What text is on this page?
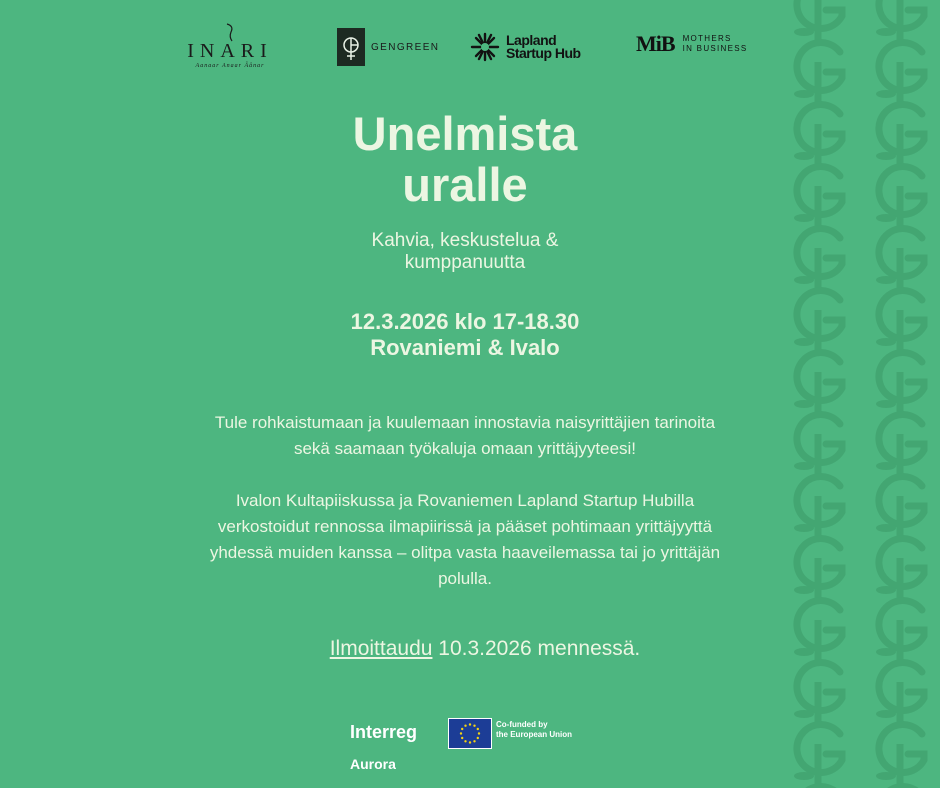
INARI
Aanaar Anaar Âânar
GENGREEN	Lapland
Startup Hub	MiB MOTHERS
IN BUSINESS
Unelmista
uralle
Kahvia, keskustelua &
kumppanuutta
12.3.2026 klo 17-18.30
Rovaniemi & Ivalo
Tule rohkaistumaan ja kuulemaan innostavia naisyrittäjien tarinoita
sekä saamaan työkaluja omaan yrittäjyyteesi!
Ivalon Kultapiiskussa ja Rovaniemen Lapland Startup Hubilla
verkostoidut rennossa ilmapiirissä ja pääset pohtimaan yrittäjyyttä
yhdessä muiden kanssa – olitpa vasta haaveilemassa tai jo yrittäjän
polulla.
Ilmoittaudu 10.3.2026 mennessä.
Interreg
Aurora
Co-funded by
the European Union
